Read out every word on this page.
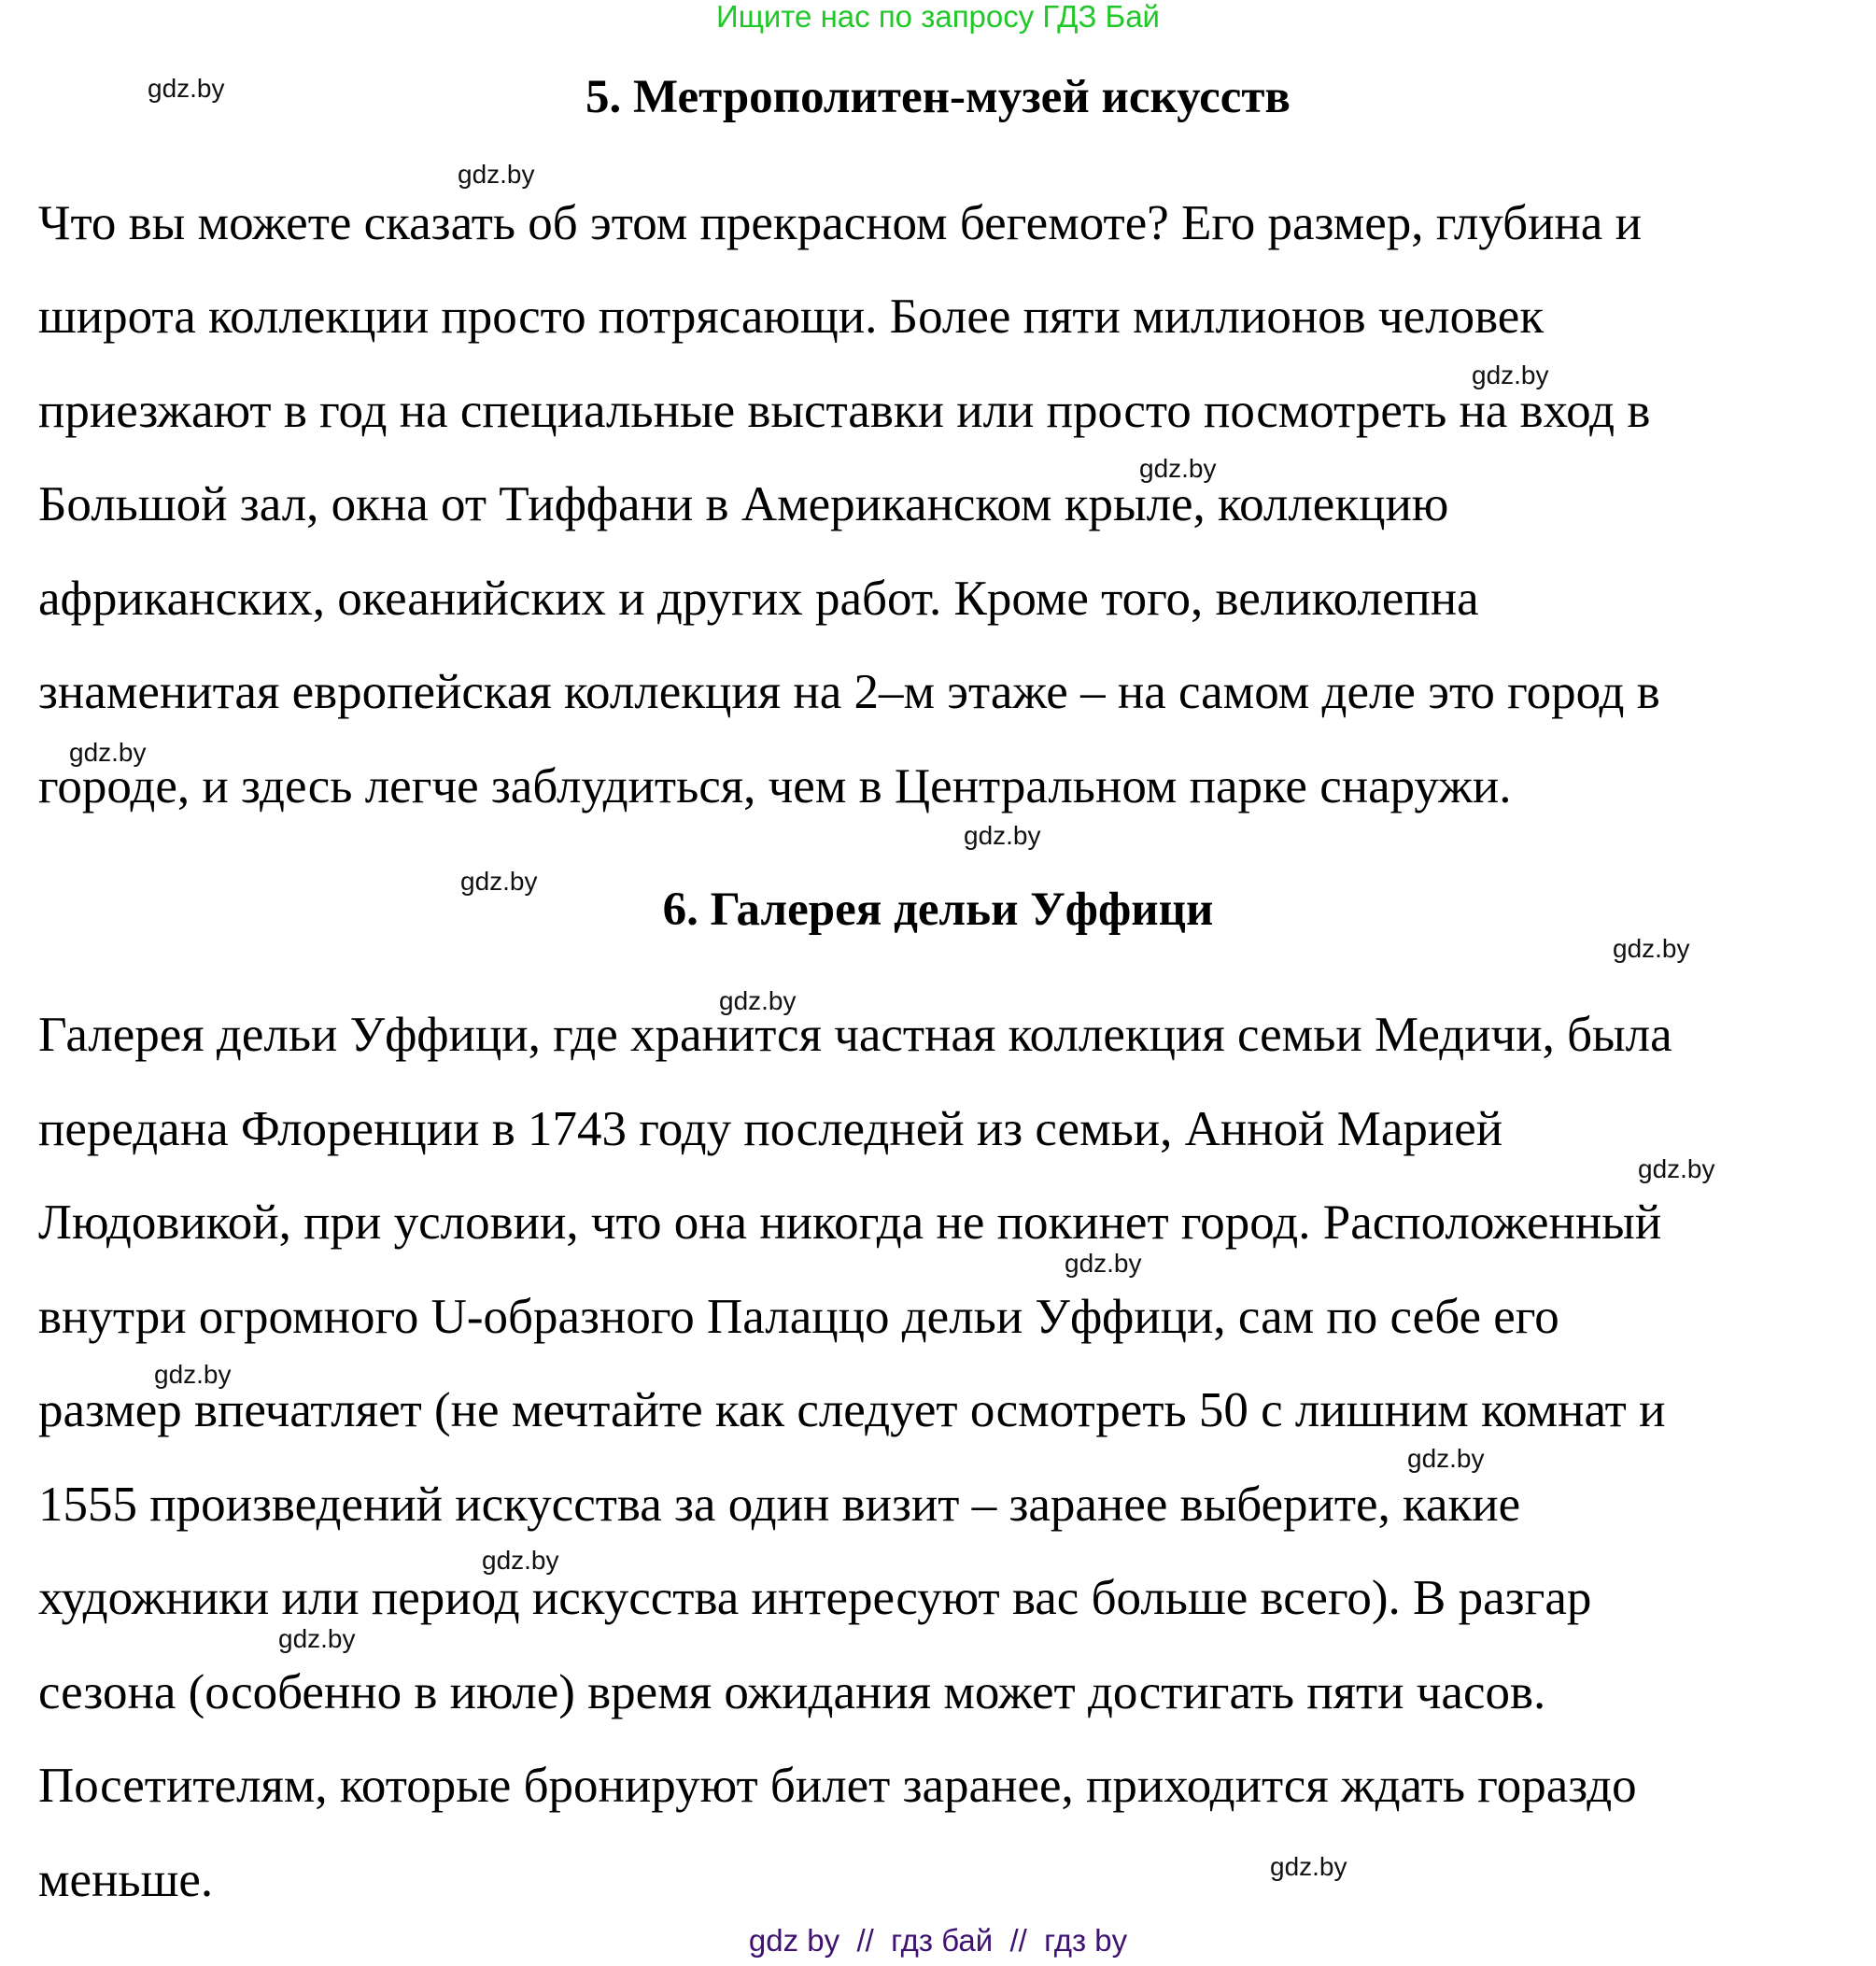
Ищите нас по запросу ГДЗ Бай
5. Метрополитен-музей искусств
Что вы можете сказать об этом прекрасном бегемоте? Его размер, глубина и
широта коллекции просто потрясающи. Более пяти миллионов человек
приезжают в год на специальные выставки или просто посмотреть на вход в
Большой зал, окна от Тиффани в Американском крыле, коллекцию
африканских, океанийских и других работ. Кроме того, великолепна
знаменитая европейская коллекция на 2–м этаже – на самом деле это город в
городе, и здесь легче заблудиться, чем в Центральном парке снаружи.
6. Галерея дельи Уффици
Галерея дельи Уффици, где хранится частная коллекция семьи Медичи, была
передана Флоренции в 1743 году последней из семьи, Анной Марией
Людовикой, при условии, что она никогда не покинет город. Расположенный
внутри огромного U-образного Палаццо дельи Уффици, сам по себе его
размер впечатляет (не мечтайте как следует осмотреть 50 с лишним комнат и
1555 произведений искусства за один визит – заранее выберите, какие
художники или период искусства интересуют вас больше всего). В разгар
сезона (особенно в июле) время ожидания может достигать пяти часов.
Посетителям, которые бронируют билет заранее, приходится ждать гораздо
меньше.
gdz.by
gdz.by
gdz.by
gdz.by
gdz.by
gdz.by
gdz.by
gdz.by
gdz.by
gdz.by
gdz.by
gdz.by
gdz.by
gdz.by
gdz.by
gdz.by
gdz by  //  гдз бай  //  гдз by
